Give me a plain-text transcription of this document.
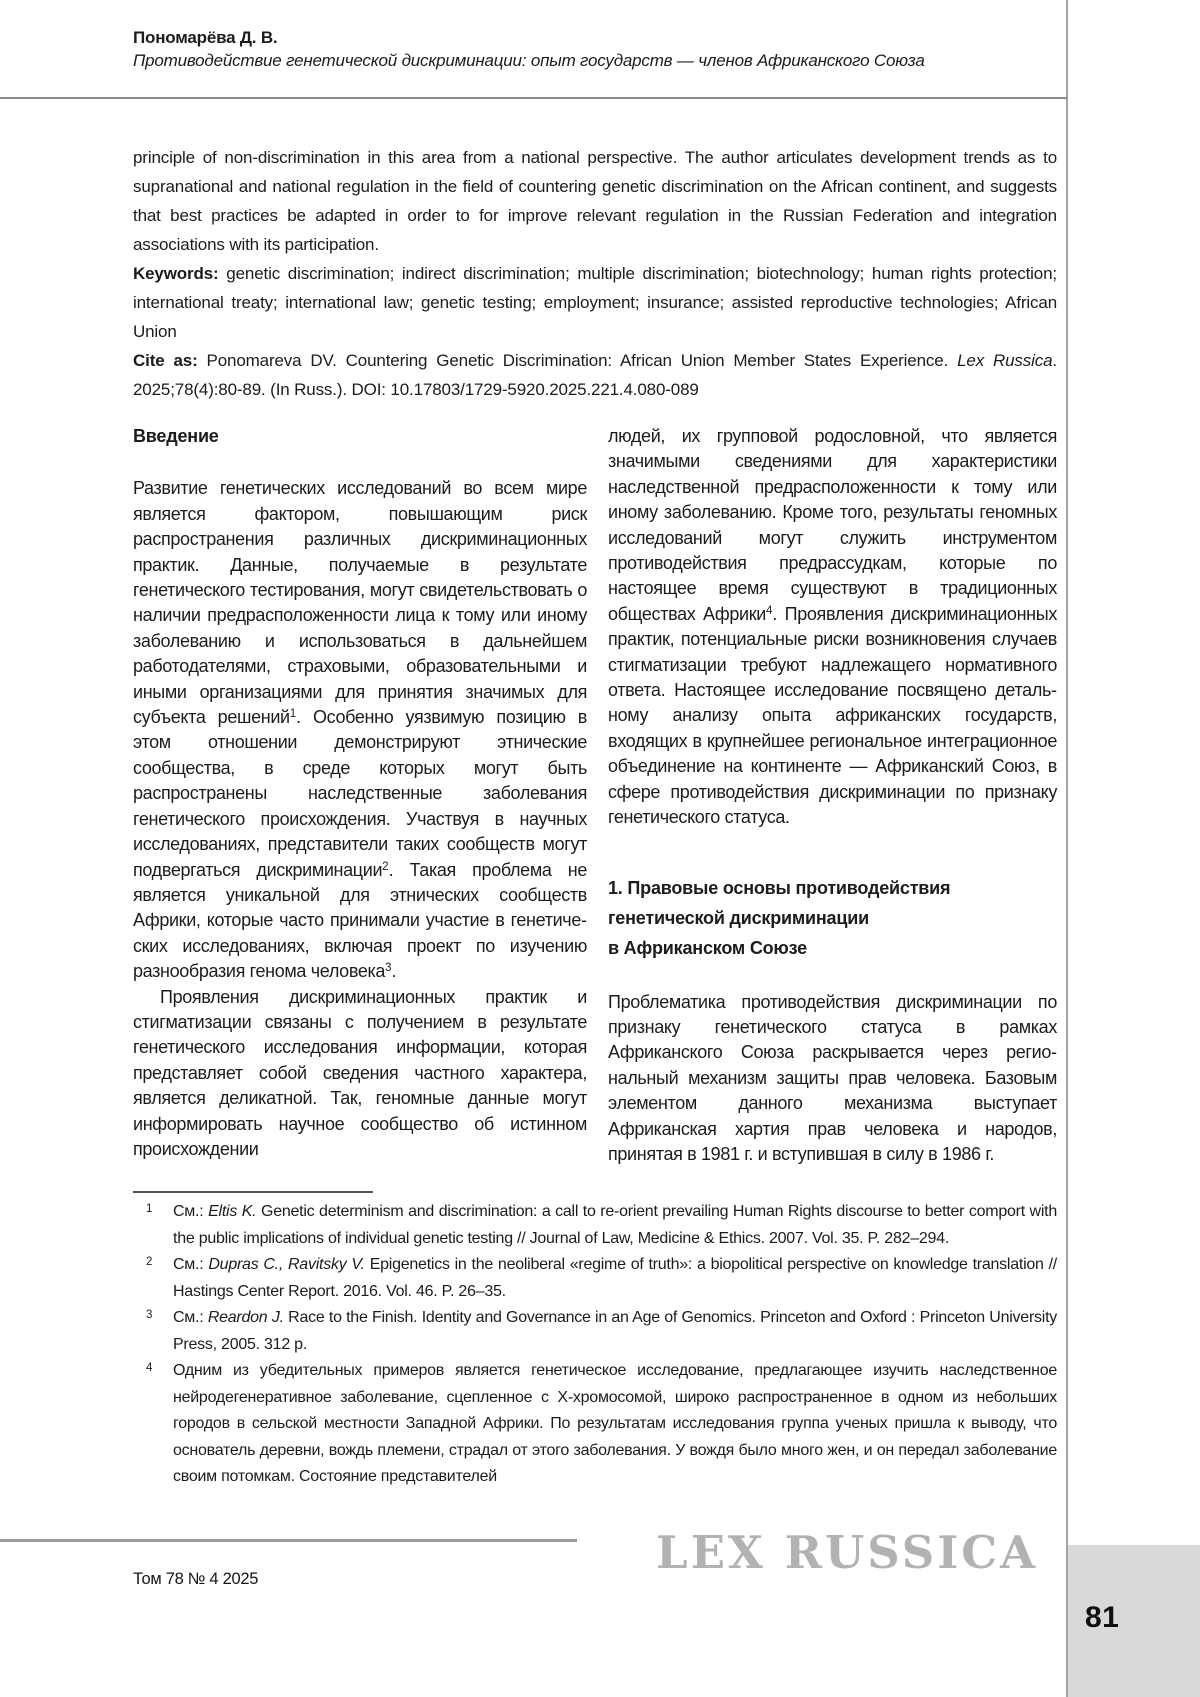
Пономарёва Д. В.
Противодействие генетической дискриминации: опыт государств — членов Африканского Союза

principle of non-discrimination in this area from a national perspective. The author articulates development trends as to supranational and national regulation in the field of countering genetic discrimination on the African continent, and suggests that best practices be adapted in order to for improve relevant regulation in the Russian Federation and integration associations with its participation.

Keywords: genetic discrimination; indirect discrimination; multiple discrimination; biotechnology; human rights protection; international treaty; international law; genetic testing; employment; insurance; assisted reproductive technologies; African Union

Cite as: Ponomareva DV. Countering Genetic Discrimination: African Union Member States Experience. Lex Russica. 2025;78(4):80-89. (In Russ.). DOI: 10.17803/1729-5920.2025.221.4.080-089

Введение

Развитие генетических исследований во всем мире является фактором, повышающим риск распространения различных дискриминационных практик. Данные, получаемые в результате генетического тестирования, могут свидетельствовать о наличии предрасположенности лица к тому или иному заболеванию и использоваться в дальнейшем работодателями, страховыми, образовательными и иными организациями для принятия значимых для субъекта решений$^1$. Особенно уязвимую позицию в этом отношении демонстрируют этнические сообщества, в среде которых могут быть распространены наследственные заболевания генетического происхождения. Участвуя в научных исследованиях, представители таких сообществ могут подвергаться дискриминации$^2$. Такая проблема не является уникальной для этнических сообществ Африки, которые часто принимали участие в генетических исследованиях, включая проект по изучению разнообразия генома человека$^3$.

Проявления дискриминационных практик и стигматизации связаны с получением в результате генетического исследования информации, которая представляет собой сведения частного характера, является деликатной. Так, геномные данные могут информировать научное сообщество об истинном происхождении

людей, их групповой родословной, что является значимыми сведениями для характеристики наследственной предрасположенности к тому или иному заболеванию. Кроме того, результаты геномных исследований могут служить инструментом противодействия предрассудкам, которые по настоящее время существуют в традиционных обществах Африки$^4$. Проявления дискриминационных практик, потенциальные риски возникновения случаев стигматизации требуют надлежащего нормативного ответа. Настоящее исследование посвящено детальному анализу опыта африканских государств, входящих в крупнейшее региональное интеграционное объединение на континенте — Африканский Союз, в сфере противодействия дискриминации по признаку генетического статуса.

1. Правовые основы противодействия
генетической дискриминации
в Африканском Союзе

Проблематика противодействия дискриминации по признаку генетического статуса в рамках Африканского Союза раскрывается через региональный механизм защиты прав человека. Базовым элементом данного механизма выступает Африканская хартия прав человека и народов, принятая в 1981 г. и вступившая в силу в 1986 г.

1 См.: Eltis K. Genetic determinism and discrimination: a call to re-orient prevailing Human Rights discourse to better comport with the public implications of individual genetic testing // Journal of Law, Medicine & Ethics. 2007. Vol. 35. P. 282–294.

2 См.: Dupras C., Ravitsky V. Epigenetics in the neoliberal «regime of truth»: a biopolitical perspective on knowledge translation // Hastings Center Report. 2016. Vol. 46. P. 26–35.

3 См.: Reardon J. Race to the Finish. Identity and Governance in an Age of Genomics. Princeton and Oxford : Princeton University Press, 2005. 312 p.

4 Одним из убедительных примеров является генетическое исследование, предлагающее изучить наследственное нейродегенеративное заболевание, сцепленное с Х-хромосомой, широко распространенное в одном из небольших городов в сельской местности Западной Африки. По результатам исследования группа ученых пришла к выводу, что основатель деревни, вождь племени, страдал от этого заболевания. У вождя было много жен, и он передал заболевание своим потомкам. Состояние представителей

Том 78 № 4 2025	LEX RUSSICA
81
